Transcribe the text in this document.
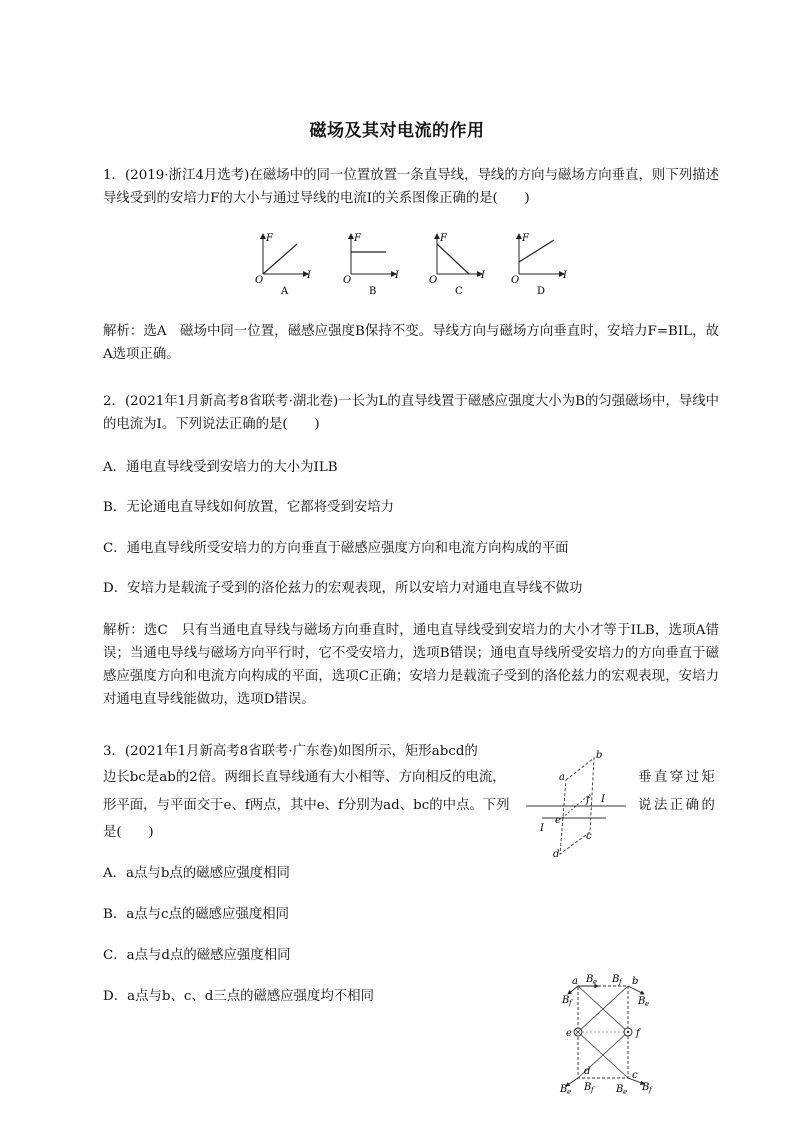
磁场及其对电流的作用
1．(2019·浙江4月选考)在磁场中的同一位置放置一条直导线，导线的方向与磁场方向垂直，则下列描述导线受到的安培力F的大小与通过导线的电流I的关系图像正确的是(　　)
F
I
O
A
F
I
O
B
F
I
O
C
F
I
O
D
解析：选A　磁场中同一位置，磁感应强度B保持不变。导线方向与磁场方向垂直时，安培力F=BIL，故A选项正确。
2．(2021年1月新高考8省联考·湖北卷)一长为L的直导线置于磁感应强度大小为B的匀强磁场中，导线中的电流为I。下列说法正确的是(　　)
A．通电直导线受到安培力的大小为ILB
B．无论通电直导线如何放置，它都将受到安培力
C．通电直导线所受安培力的方向垂直于磁感应强度方向和电流方向构成的平面
D．安培力是载流子受到的洛伦兹力的宏观表现，所以安培力对通电直导线不做功
解析：选C　只有当通电直导线与磁场方向垂直时，通电直导线受到安培力的大小才等于ILB，选项A错误；当通电导线与磁场方向平行时，它不受安培力，选项B错误；通电直导线所受安培力的方向垂直于磁感应强度方向和电流方向构成的平面，选项C正确；安培力是载流子受到的洛伦兹力的宏观表现，安培力对通电直导线能做功，选项D错误。
3．(2021年1月新高考8省联考·广东卷)如图所示，矩形abcd的
边长bc是ab的2倍。两细长直导线通有大小相等、方向相反的电流，
形平面，与平面交于e、f两点，其中e、f分别为ad、bc的中点。下列
是(　　)
垂直穿过矩
说法正确的
a
b
c
d
e
f I
I
A．a点与b点的磁感应强度相同
B．a点与c点的磁感应强度相同
C．a点与d点的磁感应强度相同
D．a点与b、c、d三点的磁感应强度均不相同
a	b
c
d
e	f
B e B f
B f	B e
B e B f B e B f
